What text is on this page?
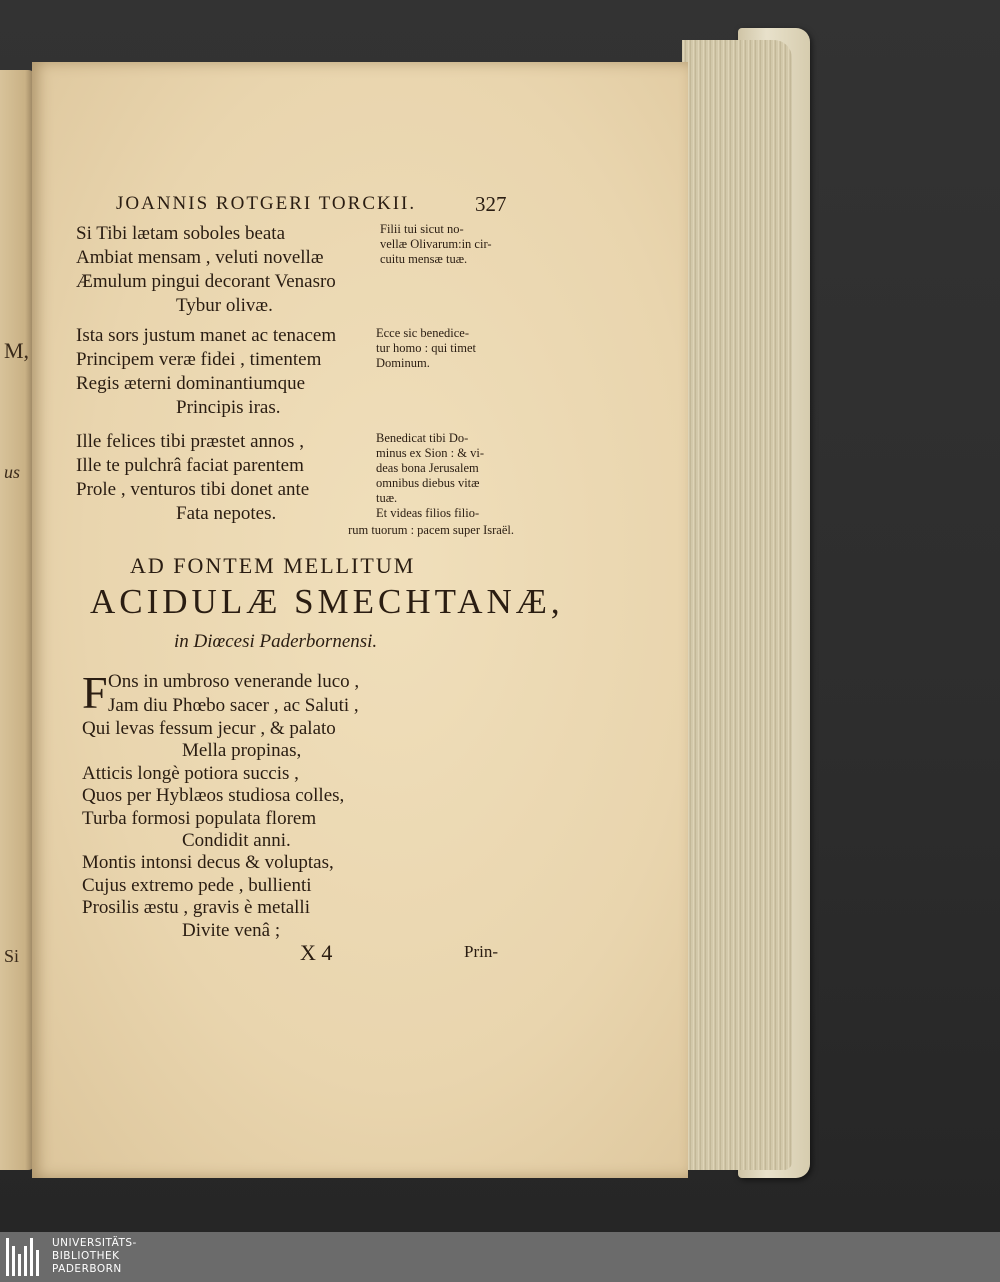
M,
us
Si
JOANNIS ROTGERI TORCKII.	327
Si Tibi lætam soboles beata
Ambiat mensam , veluti novellæ
Æmulum pingui decorant Venasro
Tybur olivæ.
Filii tui sicut no-
vellæ Olivarum:in cir-
cuitu mensæ tuæ.
Ista sors justum manet ac tenacem
Principem veræ fidei , timentem
Regis æterni dominantiumque
Principis iras.
Ecce sic benedice-
tur homo : qui timet
Dominum.
Ille felices tibi præstet annos ,
Ille te pulchrâ faciat parentem
Prole , venturos tibi donet ante
Fata nepotes.
Benedicat tibi Do-
minus ex Sion : & vi-
deas bona Jerusalem
omnibus diebus vitæ
tuæ.
Et videas filios filio-
rum tuorum : pacem super Israël.
AD FONTEM MELLITUM
ACIDULÆ SMECHTANÆ,
in Diœcesi Paderbornensi.
F Ons in umbroso venerande luco ,
Jam diu Phœbo sacer , ac Saluti ,
Qui levas fessum jecur , & palato
Mella propinas,
Atticis longè potiora succis ,
Quos per Hyblæos studiosa colles,
Turba formosi populata florem
Condidit anni.
Montis intonsi decus & voluptas,
Cujus extremo pede , bullienti
Prosilis æstu , gravis è metalli
Divite venâ ;
X 4	Prin-
UNIVERSITÄTS-
BIBLIOTHEK
PADERBORN
